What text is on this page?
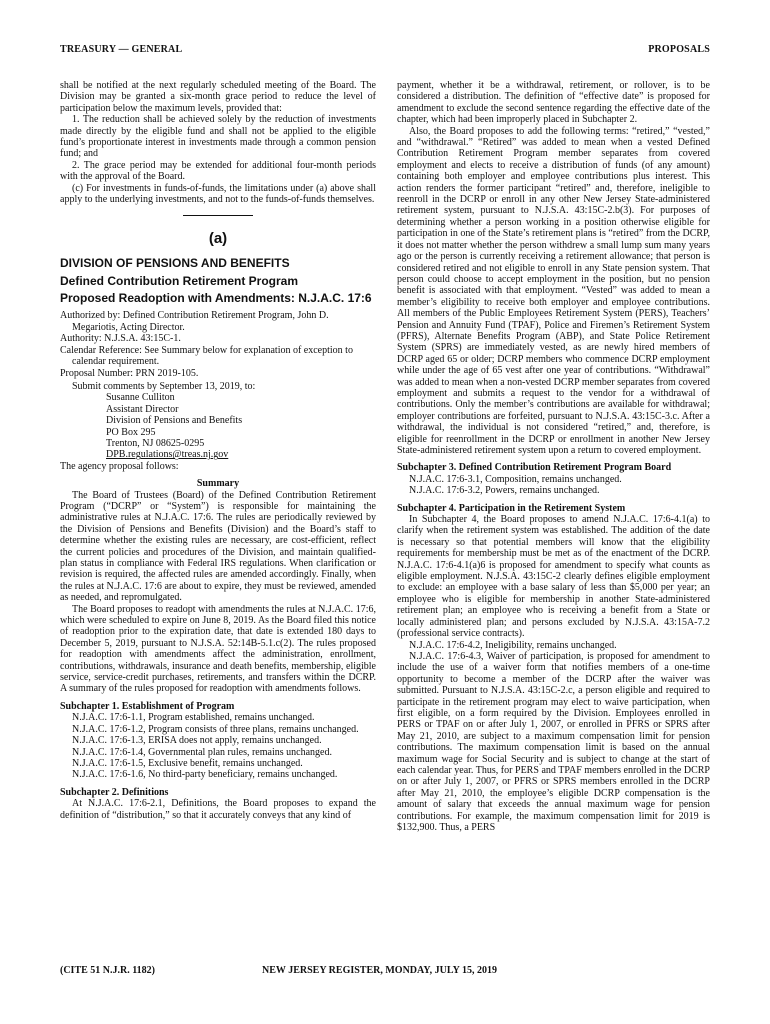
TREASURY — GENERAL	PROPOSALS

shall be notified at the next regularly scheduled meeting of the Board. The Division may be granted a six-month grace period to reduce the level of participation below the maximum levels, provided that:

1. The reduction shall be achieved solely by the reduction of investments made directly by the eligible fund and shall not be applied to the eligible fund’s proportionate interest in investments made through a common pension fund; and

2. The grace period may be extended for additional four-month periods with the approval of the Board.

(c) For investments in funds-of-funds, the limitations under (a) above shall apply to the underlying investments, and not to the funds-of-funds themselves.

(a)
DIVISION OF PENSIONS AND BENEFITS
Defined Contribution Retirement Program
Proposed Readoption with Amendments: N.J.A.C. 17:6

Authorized by: Defined Contribution Retirement Program, John D. Megariotis, Acting Director.

Authority: N.J.S.A. 43:15C-1.

Calendar Reference: See Summary below for explanation of exception to calendar requirement.

Proposal Number: PRN 2019-105.

Submit comments by September 13, 2019, to:

Susanne Culliton
Assistant Director
Division of Pensions and Benefits
PO Box 295
Trenton, NJ 08625-0295
DPB.regulations@treas.nj.gov

The agency proposal follows:

Summary

The Board of Trustees (Board) of the Defined Contribution Retirement Program (“DCRP” or “System”) is responsible for maintaining the administrative rules at N.J.A.C. 17:6. The rules are periodically reviewed by the Division of Pensions and Benefits (Division) and the Board’s staff to determine whether the existing rules are necessary, are cost-efficient, reflect the current policies and procedures of the Division, and maintain qualified-plan status in compliance with Federal IRS regulations. When clarification or revision is required, the affected rules are amended accordingly. Finally, when the rules at N.J.A.C. 17:6 are about to expire, they must be reviewed, amended as needed, and repromulgated.

The Board proposes to readopt with amendments the rules at N.J.A.C. 17:6, which were scheduled to expire on June 8, 2019. As the Board filed this notice of readoption prior to the expiration date, that date is extended 180 days to December 5, 2019, pursuant to N.J.S.A. 52:14B-5.1.c(2). The rules proposed for readoption with amendments affect the administration, enrollment, contributions, withdrawals, insurance and death benefits, membership, eligible service, service-credit purchases, retirements, and transfers within the DCRP. A summary of the rules proposed for readoption with amendments follows.

Subchapter 1. Establishment of Program

N.J.A.C. 17:6-1.1, Program established, remains unchanged.

N.J.A.C. 17:6-1.2, Program consists of three plans, remains unchanged.

N.J.A.C. 17:6-1.3, ERISA does not apply, remains unchanged.

N.J.A.C. 17:6-1.4, Governmental plan rules, remains unchanged.

N.J.A.C. 17:6-1.5, Exclusive benefit, remains unchanged.

N.J.A.C. 17:6-1.6, No third-party beneficiary, remains unchanged.

Subchapter 2. Definitions

At N.J.A.C. 17:6-2.1, Definitions, the Board proposes to expand the definition of “distribution,” so that it accurately conveys that any kind of

payment, whether it be a withdrawal, retirement, or rollover, is to be considered a distribution. The definition of “effective date” is proposed for amendment to exclude the second sentence regarding the effective date of the chapter, which had been improperly placed in Subchapter 2.

Also, the Board proposes to add the following terms: “retired,” “vested,” and “withdrawal.” “Retired” was added to mean when a vested Defined Contribution Retirement Program member separates from covered employment and elects to receive a distribution of funds (of any amount) containing both employer and employee contributions plus interest. This action renders the former participant “retired” and, therefore, ineligible to reenroll in the DCRP or enroll in any other New Jersey State-administered retirement system, pursuant to N.J.S.A. 43:15C-2.b(3). For purposes of determining whether a person working in a position otherwise eligible for participation in one of the State’s retirement plans is “retired” from the DCRP, it does not matter whether the person withdrew a small lump sum many years ago or the person is currently receiving a retirement allowance; that person is considered retired and not eligible to enroll in any State pension system. That person could choose to accept employment in the position, but no pension benefit is associated with that employment. “Vested” was added to mean a member’s eligibility to receive both employer and employee contributions. All members of the Public Employees Retirement System (PERS), Teachers’ Pension and Annuity Fund (TPAF), Police and Firemen’s Retirement System (PFRS), Alternate Benefits Program (ABP), and State Police Retirement System (SPRS) are immediately vested, as are newly hired members of DCRP aged 65 or older; DCRP members who commence DCRP employment while under the age of 65 vest after one year of contributions. “Withdrawal” was added to mean when a non-vested DCRP member separates from covered employment and submits a request to the vendor for a withdrawal of contributions. Only the member’s contributions are available for withdrawal; employer contributions are forfeited, pursuant to N.J.S.A. 43:15C-3.c. After a withdrawal, the individual is not considered “retired,” and, therefore, is eligible for reenrollment in the DCRP or enrollment in another New Jersey State-administered retirement system upon a return to covered employment.

Subchapter 3. Defined Contribution Retirement Program Board

N.J.A.C. 17:6-3.1, Composition, remains unchanged.

N.J.A.C. 17:6-3.2, Powers, remains unchanged.

Subchapter 4. Participation in the Retirement System

In Subchapter 4, the Board proposes to amend N.J.A.C. 17:6-4.1(a) to clarify when the retirement system was established. The addition of the date is necessary so that potential members will know that the eligibility requirements for membership must be met as of the enactment of the DCRP. N.J.A.C. 17:6-4.1(a)6 is proposed for amendment to specify what counts as eligible employment. N.J.S.A. 43:15C-2 clearly defines eligible employment to exclude: an employee with a base salary of less than $5,000 per year; an employee who is eligible for membership in another State-administered retirement plan; an employee who is receiving a benefit from a State or locally administered plan; and persons excluded by N.J.S.A. 43:15A-7.2 (professional service contracts).

N.J.A.C. 17:6-4.2, Ineligibility, remains unchanged.

N.J.A.C. 17:6-4.3, Waiver of participation, is proposed for amendment to include the use of a waiver form that notifies members of a one-time opportunity to become a member of the DCRP after the waiver was submitted. Pursuant to N.J.S.A. 43:15C-2.c, a person eligible and required to participate in the retirement program may elect to waive participation, when first eligible, on a form required by the Division. Employees enrolled in PERS or TPAF on or after July 1, 2007, or enrolled in PFRS or SPRS after May 21, 2010, are subject to a maximum compensation limit for pension contributions. The maximum compensation limit is based on the annual maximum wage for Social Security and is subject to change at the start of each calendar year. Thus, for PERS and TPAF members enrolled in the DCRP on or after July 1, 2007, or PFRS or SPRS members enrolled in the DCRP after May 21, 2010, the employee’s eligible DCRP compensation is the amount of salary that exceeds the annual maximum wage for pension contributions. For example, the maximum compensation limit for 2019 is $132,900. Thus, a PERS

(CITE 51 N.J.R. 1182)	NEW JERSEY REGISTER, MONDAY, JULY 15, 2019
